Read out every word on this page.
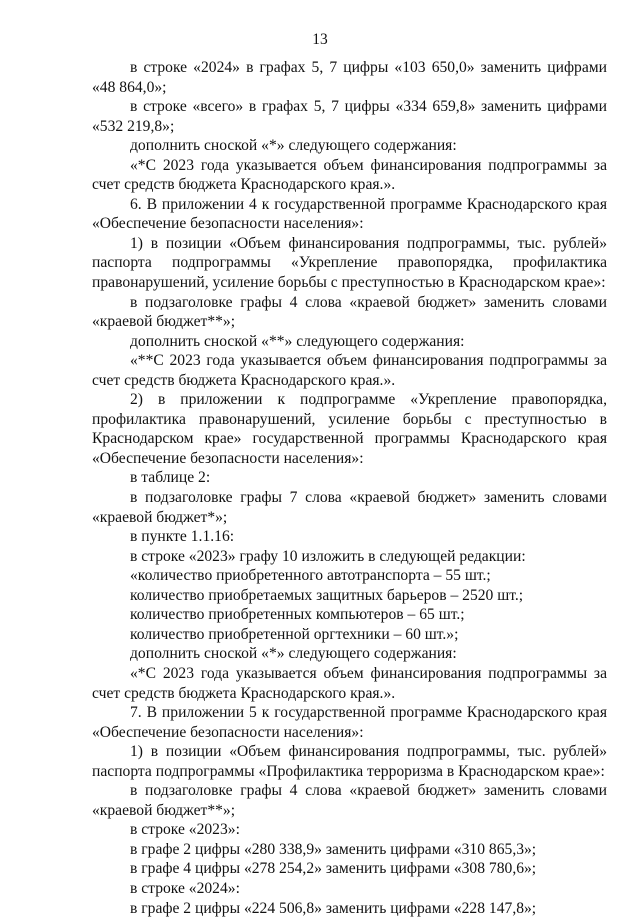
13

в строке «2024» в графах 5, 7 цифры «103 650,0» заменить цифрами «48 864,0»;

в строке «всего» в графах 5, 7 цифры «334 659,8» заменить цифрами «532 219,8»;

дополнить сноской «*» следующего содержания:

«*С 2023 года указывается объем финансирования подпрограммы за счет средств бюджета Краснодарского края.».

6. В приложении 4 к государственной программе Краснодарского края «Обеспечение безопасности населения»:

1) в позиции «Объем финансирования подпрограммы, тыс. рублей» паспорта подпрограммы «Укрепление правопорядка, профилактика правонарушений, усиление борьбы с преступностью в Краснодарском крае»:

в подзаголовке графы 4 слова «краевой бюджет» заменить словами «краевой бюджет**»;

дополнить сноской «**» следующего содержания:

«**С 2023 года указывается объем финансирования подпрограммы за счет средств бюджета Краснодарского края.».

2) в приложении к подпрограмме «Укрепление правопорядка, профилактика правонарушений, усиление борьбы с преступностью в Краснодарском крае» государственной программы Краснодарского края «Обеспечение безопасности населения»:

в таблице 2:

в подзаголовке графы 7 слова «краевой бюджет» заменить словами «краевой бюджет*»;

в пункте 1.1.16:

в строке «2023» графу 10 изложить в следующей редакции:

«количество приобретенного автотранспорта – 55 шт.;

количество приобретаемых защитных барьеров – 2520 шт.;

количество приобретенных компьютеров – 65 шт.;

количество приобретенной оргтехники – 60 шт.»;

дополнить сноской «*» следующего содержания:

«*С 2023 года указывается объем финансирования подпрограммы за счет средств бюджета Краснодарского края.».

7. В приложении 5 к государственной программе Краснодарского края «Обеспечение безопасности населения»:

1) в позиции «Объем финансирования подпрограммы, тыс. рублей» паспорта подпрограммы «Профилактика терроризма в Краснодарском крае»:

в подзаголовке графы 4 слова «краевой бюджет» заменить словами «краевой бюджет**»;

в строке «2023»:

в графе 2 цифры «280 338,9» заменить цифрами «310 865,3»;

в графе 4 цифры «278 254,2» заменить цифрами «308 780,6»;

в строке «2024»:

в графе 2 цифры «224 506,8» заменить цифрами «228 147,8»;
